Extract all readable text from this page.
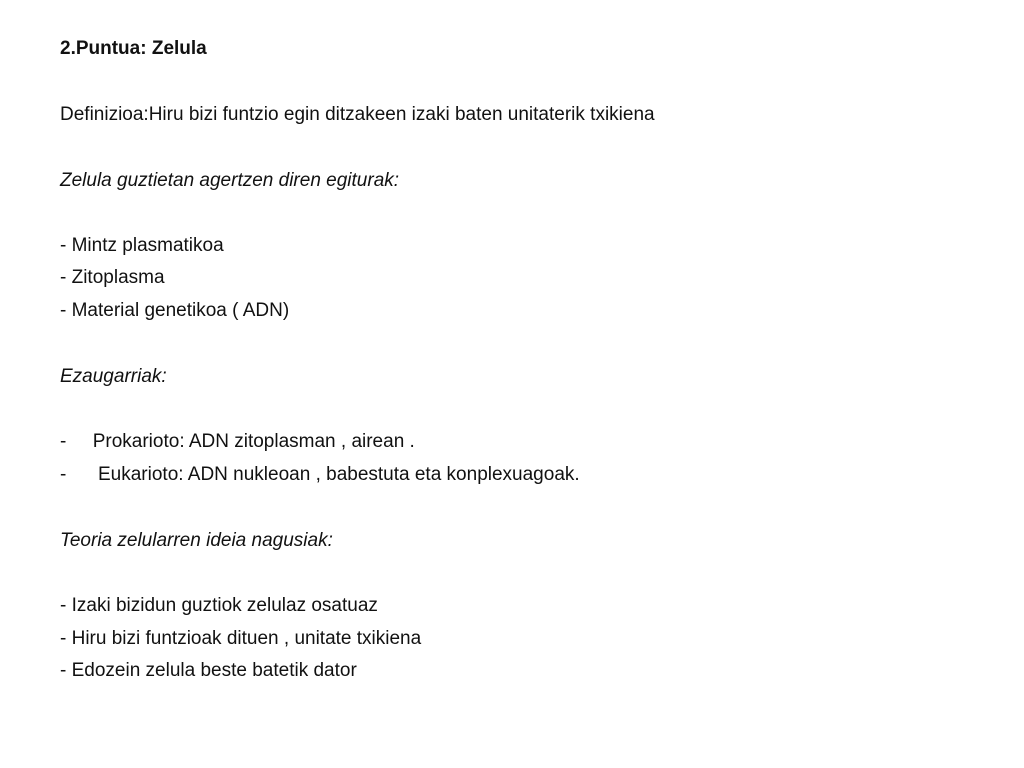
2.Puntua: Zelula
Definizioa:Hiru bizi funtzio egin ditzakeen izaki baten unitaterik txikiena
Zelula guztietan agertzen diren egiturak:
- Mintz plasmatikoa
- Zitoplasma
- Material genetikoa ( ADN)
Ezaugarriak:
-     Prokarioto: ADN zitoplasman , airean .
-      Eukarioto: ADN nukleoan , babestuta eta konplexuagoak.
Teoria zelularren ideia nagusiak:
- Izaki bizidun guztiok zelulaz osatuaz
- Hiru bizi funtzioak dituen , unitate txikiena
- Edozein zelula beste batetik dator
